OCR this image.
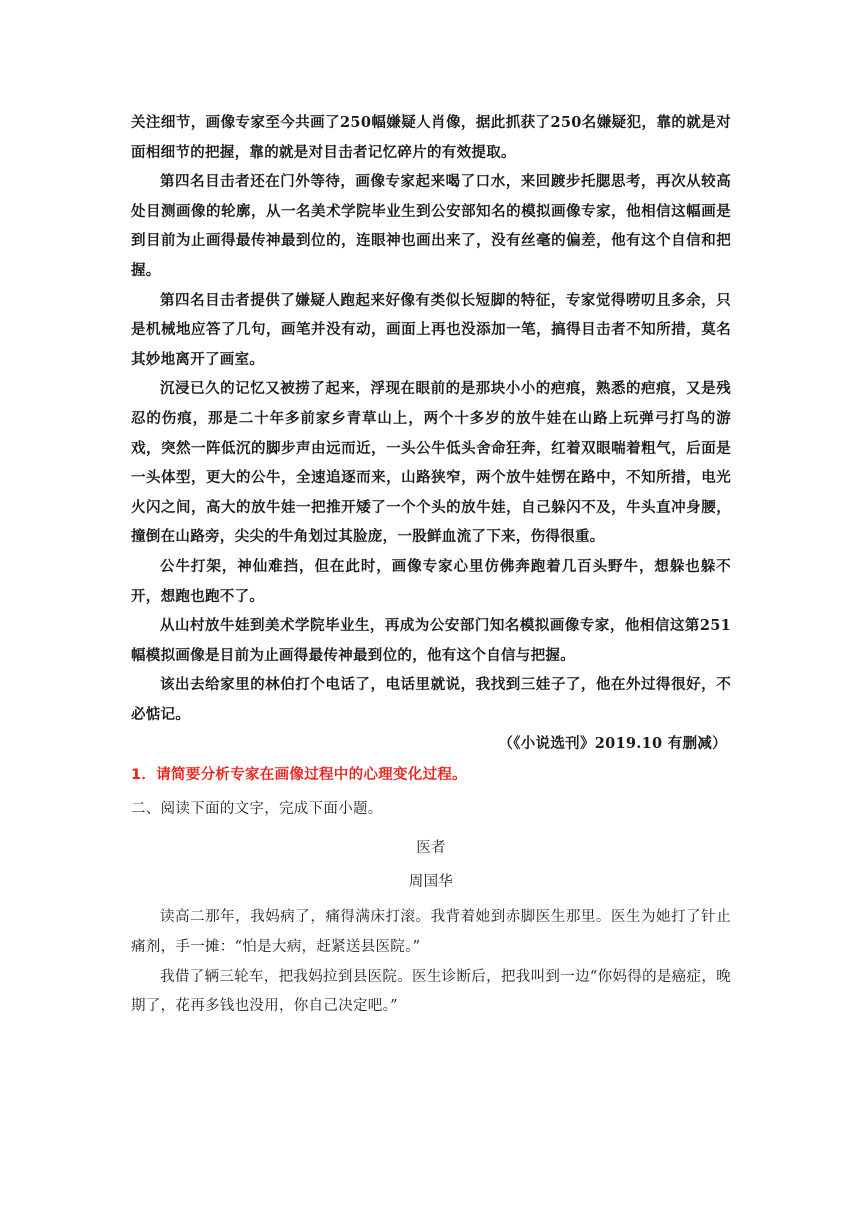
关注细节，画像专家至今共画了250幅嫌疑人肖像，据此抓获了250名嫌疑犯，靠的就是对面相细节的把握，靠的就是对目击者记忆碎片的有效提取。

第四名目击者还在门外等待，画像专家起来喝了口水，来回踱步托腮思考，再次从较高处目测画像的轮廓，从一名美术学院毕业生到公安部知名的模拟画像专家，他相信这幅画是到目前为止画得最传神最到位的，连眼神也画出来了，没有丝毫的偏差，他有这个自信和把握。

第四名目击者提供了嫌疑人跑起来好像有类似长短脚的特征，专家觉得唠叨且多余，只是机械地应答了几句，画笔并没有动，画面上再也没添加一笔，搞得目击者不知所措，莫名其妙地离开了画室。

沉浸已久的记忆又被捞了起来，浮现在眼前的是那块小小的疤痕，熟悉的疤痕，又是残忍的伤痕，那是二十年多前家乡青草山上，两个十多岁的放牛娃在山路上玩弹弓打鸟的游戏，突然一阵低沉的脚步声由远而近，一头公牛低头舍命狂奔，红着双眼喘着粗气，后面是一头体型，更大的公牛，全速追逐而来，山路狭窄，两个放牛娃愣在路中，不知所措，电光火闪之间，高大的放牛娃一把推开矮了一个个头的放牛娃，自己躲闪不及，牛头直冲身腰，撞倒在山路旁，尖尖的牛角划过其脸庞，一股鲜血流了下来，伤得很重。

公牛打架，神仙难挡，但在此时，画像专家心里仿佛奔跑着几百头野牛，想躲也躲不开，想跑也跑不了。

从山村放牛娃到美术学院毕业生，再成为公安部门知名模拟画像专家，他相信这第251幅模拟画像是目前为止画得最传神最到位的，他有这个自信与把握。

该出去给家里的林伯打个电话了，电话里就说，我找到三娃子了，他在外过得很好，不必惦记。

（《小说选刊》2019.10 有删减）

1．请简要分析专家在画像过程中的心理变化过程。

二、阅读下面的文字，完成下面小题。

医者

周国华

读高二那年，我妈病了，痛得满床打滚。我背着她到赤脚医生那里。医生为她打了针止痛剂，手一摊：“怕是大病，赶紧送县医院。”

我借了辆三轮车，把我妈拉到县医院。医生诊断后，把我叫到一边“你妈得的是癌症，晚期了，花再多钱也没用，你自己决定吧。”
